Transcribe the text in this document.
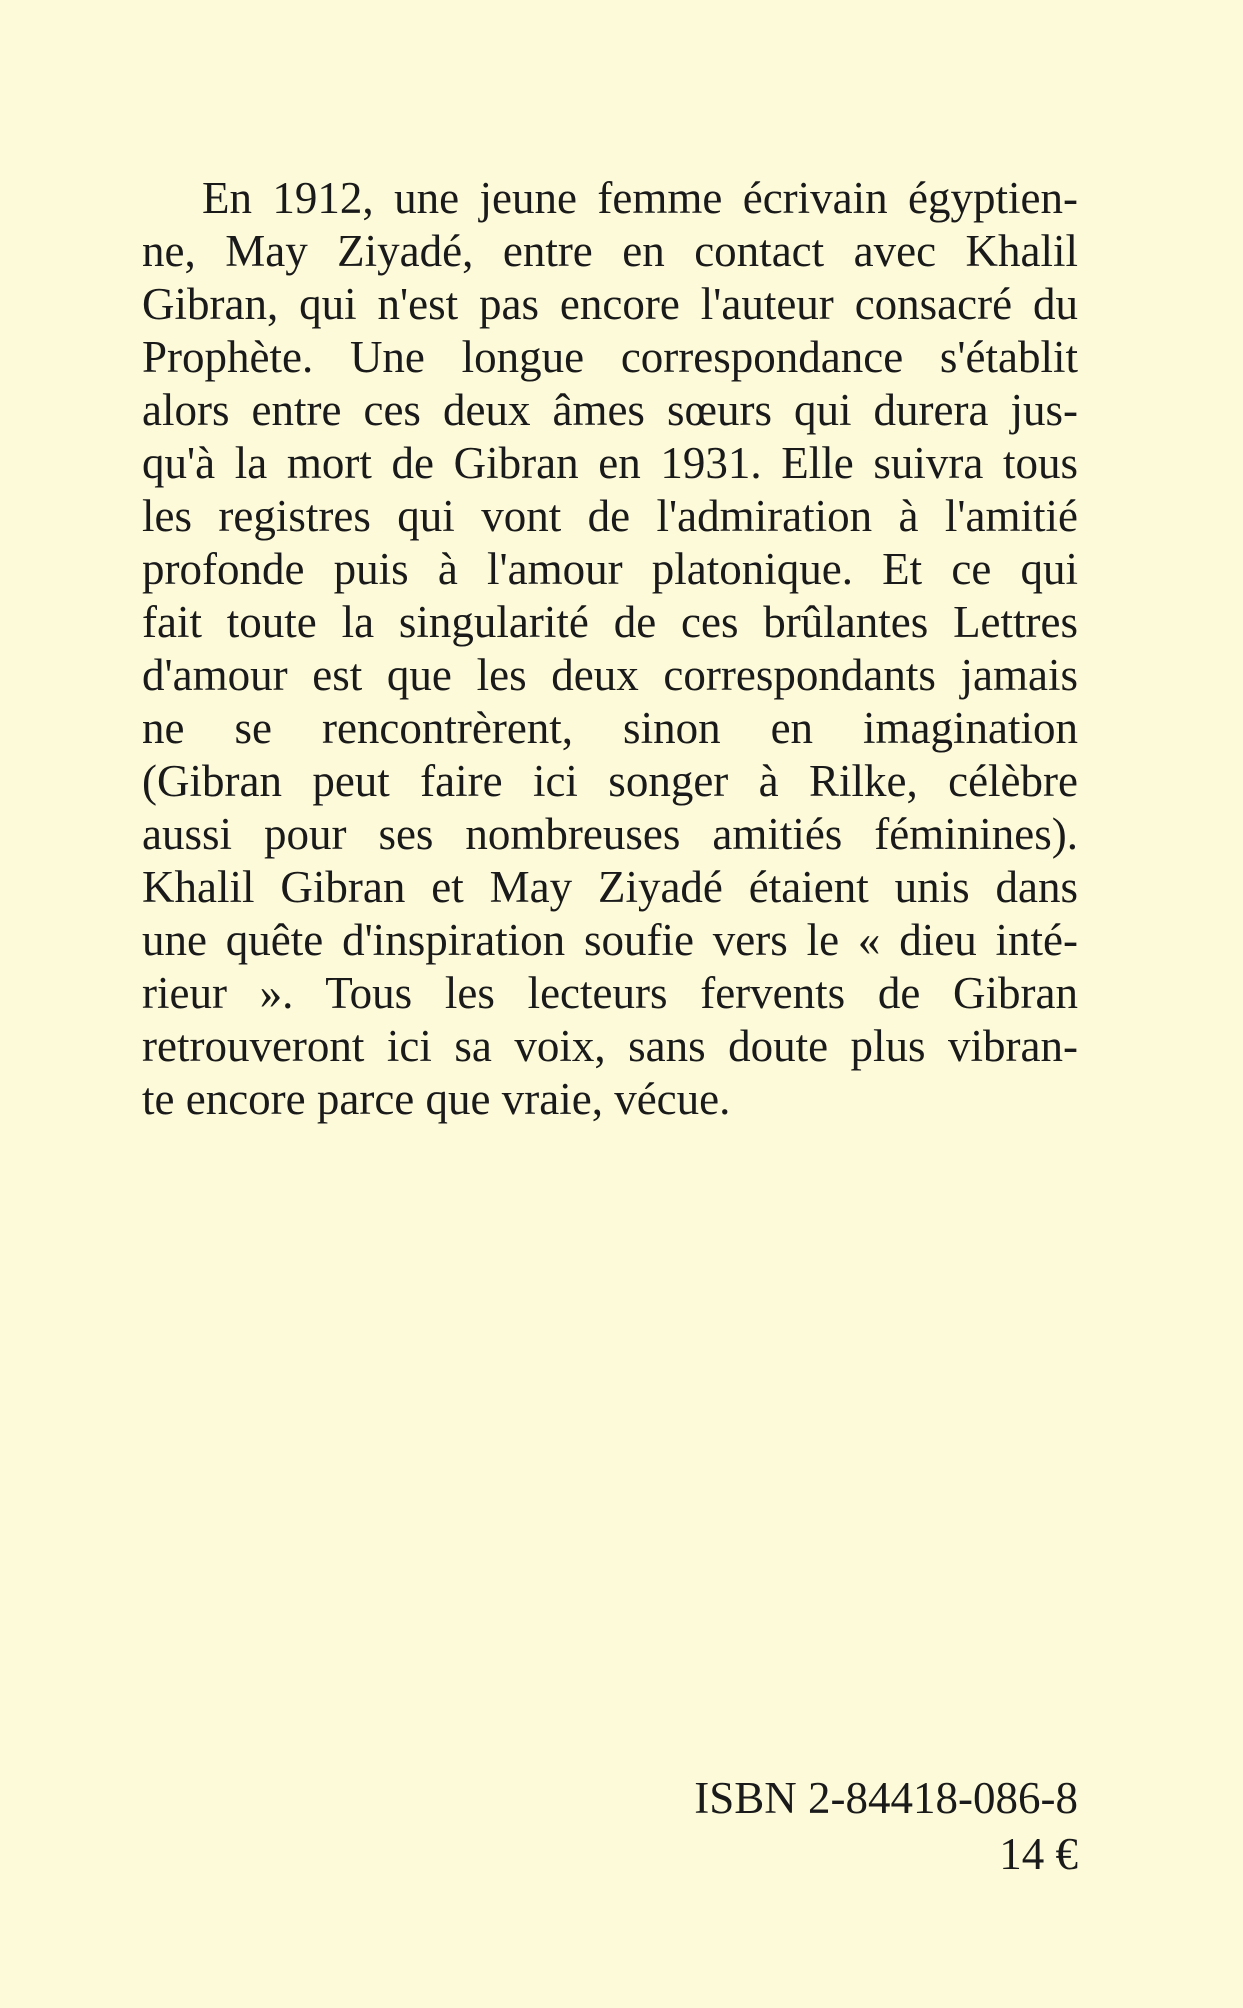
En 1912, une jeune femme écrivain égyptien-
ne, May Ziyadé, entre en contact avec Khalil
Gibran, qui n'est pas encore l'auteur consacré du
Prophète. Une longue correspondance s'établit
alors entre ces deux âmes sœurs qui durera jus-
qu'à la mort de Gibran en 1931. Elle suivra tous
les registres qui vont de l'admiration à l'amitié
profonde puis à l'amour platonique. Et ce qui
fait toute la singularité de ces brûlantes Lettres
d'amour est que les deux correspondants jamais
ne se rencontrèrent, sinon en imagination
(Gibran peut faire ici songer à Rilke, célèbre
aussi pour ses nombreuses amitiés féminines).
Khalil Gibran et May Ziyadé étaient unis dans
une quête d'inspiration soufie vers le « dieu inté-
rieur ». Tous les lecteurs fervents de Gibran
retrouveront ici sa voix, sans doute plus vibran-
te encore parce que vraie, vécue.

ISBN 2-84418-086-8
14 €
